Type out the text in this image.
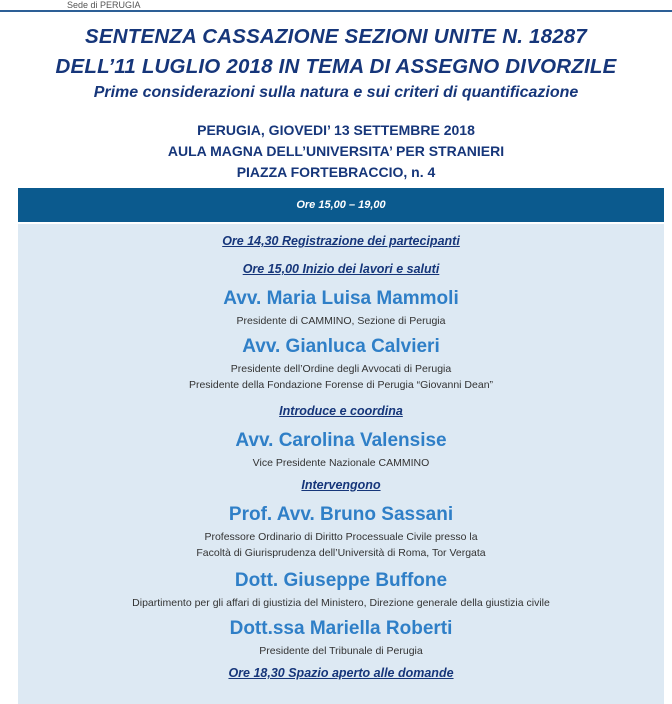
Sede di PERUGIA
SENTENZA CASSAZIONE SEZIONI UNITE N. 18287
DELL’11 LUGLIO 2018 IN TEMA DI ASSEGNO DIVORZILE
Prime considerazioni sulla natura e sui criteri di quantificazione
PERUGIA, GIOVEDI’ 13 SETTEMBRE 2018
AULA MAGNA DELL’UNIVERSITA’ PER STRANIERI
PIAZZA FORTEBRACCIO, n. 4
Ore 15,00 – 19,00
Ore 14,30 Registrazione dei partecipanti
Ore 15,00 Inizio dei lavori e saluti
Avv. Maria Luisa Mammoli
Presidente di CAMMINO, Sezione di Perugia
Avv. Gianluca Calvieri
Presidente dell’Ordine degli Avvocati di Perugia
Presidente della Fondazione Forense di Perugia “Giovanni Dean”
Introduce e coordina
Avv. Carolina Valensise
Vice Presidente Nazionale CAMMINO
Intervengono
Prof. Avv. Bruno Sassani
Professore Ordinario di Diritto Processuale Civile presso la
Facoltà di Giurisprudenza dell’Università di Roma, Tor Vergata
Dott. Giuseppe Buffone
Dipartimento per gli affari di giustizia del Ministero, Direzione generale della giustizia civile
Dott.ssa Mariella Roberti
Presidente del Tribunale di Perugia
Ore 18,30 Spazio aperto alle domande
